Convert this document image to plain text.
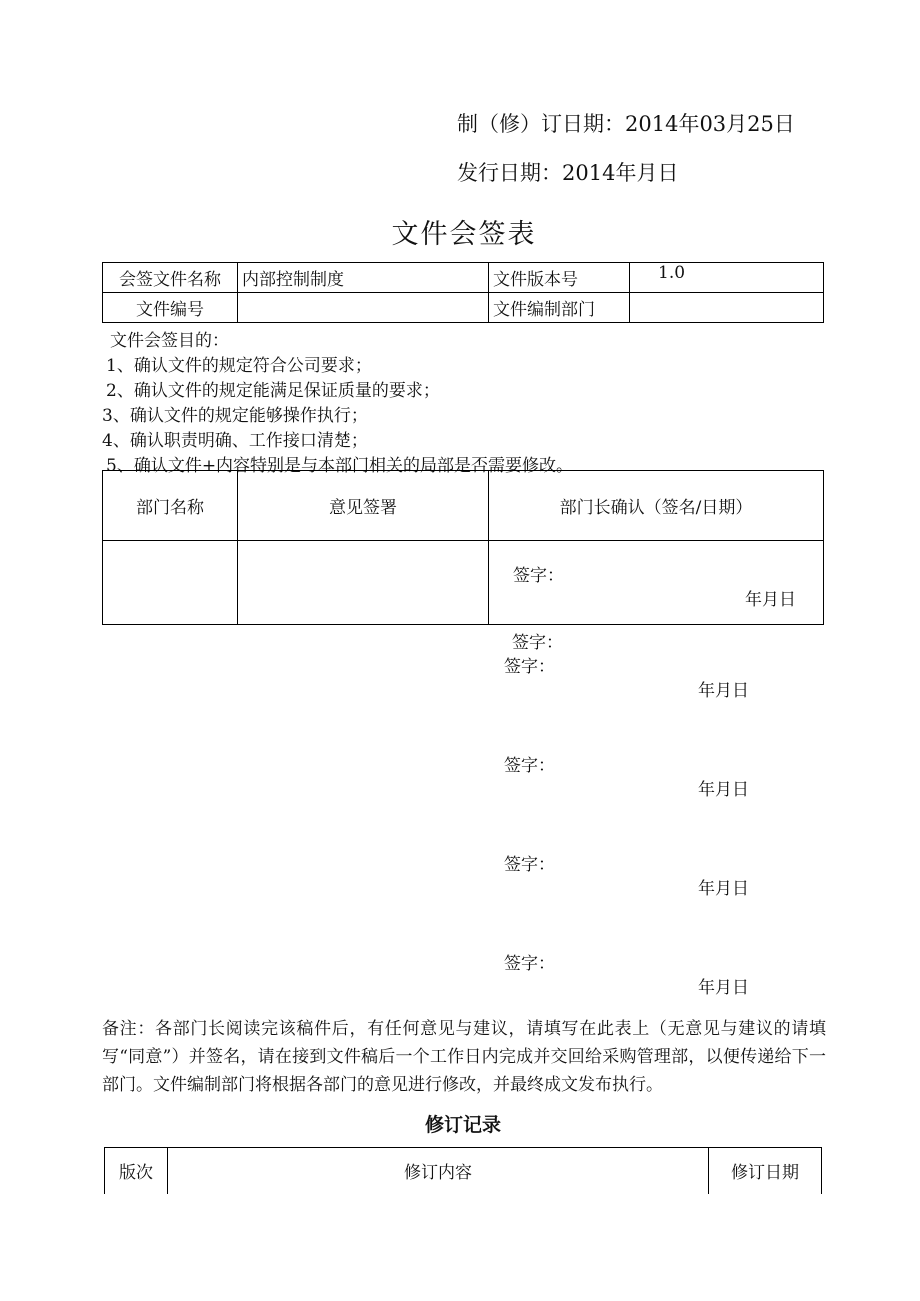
制（修）订日期：2014年03月25日
发行日期：2014年月日
文件会签表
会签文件名称	内部控制制度	文件版本号	1.0
文件编号		文件编制部门	
文件会签目的：
1、确认文件的规定符合公司要求；
2、确认文件的规定能满足保证质量的要求；
3、确认文件的规定能够操作执行；
4、确认职责明确、工作接口清楚；
5、确认文件+内容特别是与本部门相关的局部是否需要修改。
部门名称	意见签署	部门长确认（签名/日期）

		签字：
年月日
签字：
签字：
年月日
签字：
年月日
签字：
年月日
签字：
年月日
备注：各部门长阅读完该稿件后，有任何意见与建议，请填写在此表上（无意见与建议的请填写“同意”）并签名，请在接到文件稿后一个工作日内完成并交回给采购管理部，以便传递给下一部门。文件编制部门将根据各部门的意见进行修改，并最终成文发布执行。
修订记录
版次	修订内容	修订日期
